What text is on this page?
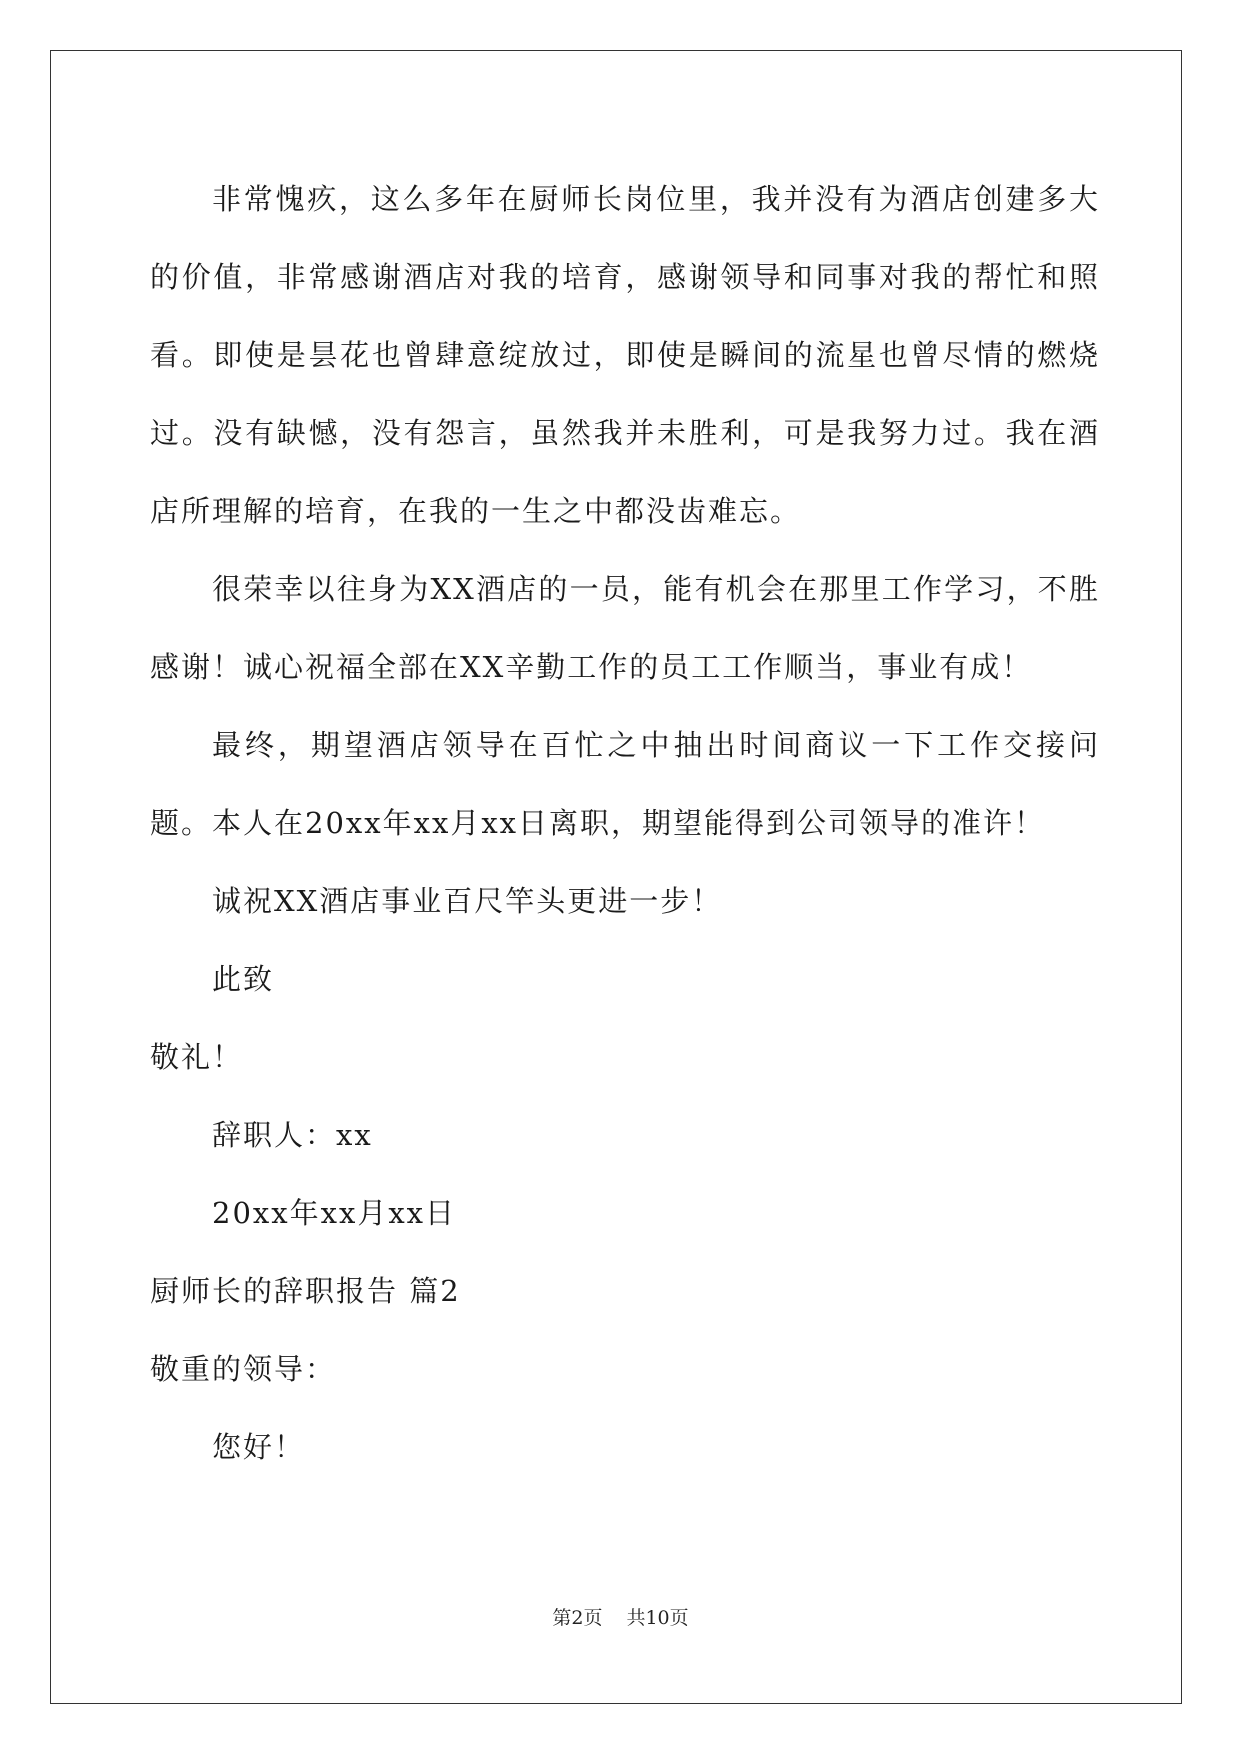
非常愧疚，这么多年在厨师长岗位里，我并没有为酒店创建多大的价值，非常感谢酒店对我的培育，感谢领导和同事对我的帮忙和照看。即使是昙花也曾肆意绽放过，即使是瞬间的流星也曾尽情的燃烧过。没有缺憾，没有怨言，虽然我并未胜利，可是我努力过。我在酒店所理解的培育，在我的一生之中都没齿难忘。

很荣幸以往身为XX酒店的一员，能有机会在那里工作学习，不胜感谢！诚心祝福全部在XX辛勤工作的员工工作顺当，事业有成！

最终，期望酒店领导在百忙之中抽出时间商议一下工作交接问题。本人在20xx年xx月xx日离职，期望能得到公司领导的准许！

诚祝XX酒店事业百尺竿头更进一步！

此致

敬礼！

辞职人：xx

20xx年xx月xx日

厨师长的辞职报告 篇2

敬重的领导：

您好！

第2页 共10页
